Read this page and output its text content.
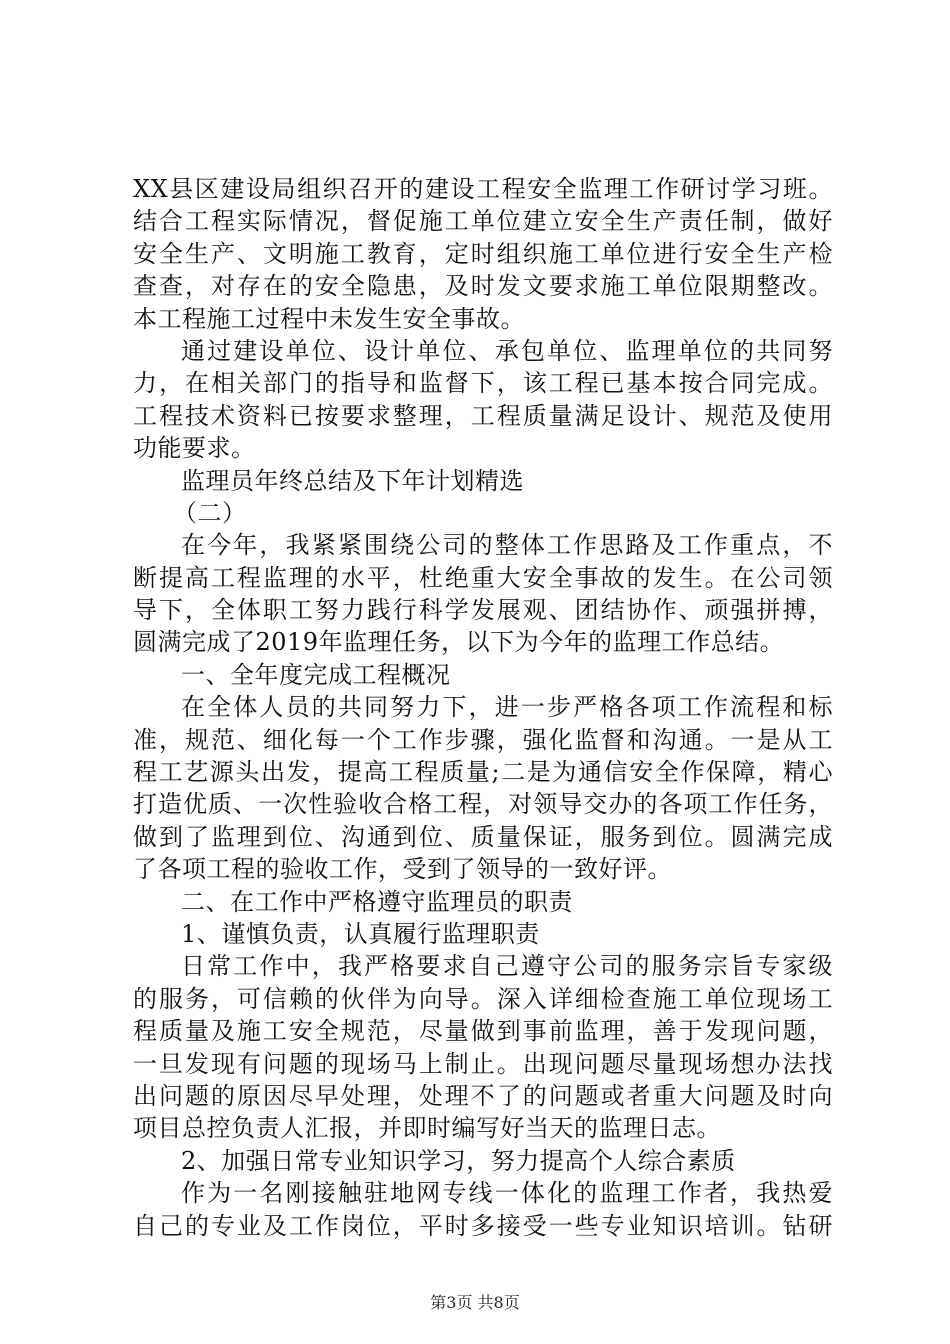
XX县区建设局组织召开的建设工程安全监理工作研讨学习班。
结合工程实际情况，督促施工单位建立安全生产责任制，做好
安全生产、文明施工教育，定时组织施工单位进行安全生产检
查查，对存在的安全隐患，及时发文要求施工单位限期整改。
本工程施工过程中未发生安全事故。
通过建设单位、设计单位、承包单位、监理单位的共同努
力，在相关部门的指导和监督下，该工程已基本按合同完成。
工程技术资料已按要求整理，工程质量满足设计、规范及使用
功能要求。
监理员年终总结及下年计划精选
（二）
在今年，我紧紧围绕公司的整体工作思路及工作重点，不
断提高工程监理的水平，杜绝重大安全事故的发生。在公司领
导下，全体职工努力践行科学发展观、团结协作、顽强拼搏，
圆满完成了2019年监理任务，以下为今年的监理工作总结。
一、全年度完成工程概况
在全体人员的共同努力下，进一步严格各项工作流程和标
准，规范、细化每一个工作步骤，强化监督和沟通。一是从工
程工艺源头出发，提高工程质量;二是为通信安全作保障，精心
打造优质、一次性验收合格工程，对领导交办的各项工作任务，
做到了监理到位、沟通到位、质量保证，服务到位。圆满完成
了各项工程的验收工作，受到了领导的一致好评。
二、在工作中严格遵守监理员的职责
1、谨慎负责，认真履行监理职责
日常工作中，我严格要求自己遵守公司的服务宗旨专家级
的服务，可信赖的伙伴为向导。深入详细检查施工单位现场工
程质量及施工安全规范，尽量做到事前监理，善于发现问题，
一旦发现有问题的现场马上制止。出现问题尽量现场想办法找
出问题的原因尽早处理，处理不了的问题或者重大问题及时向
项目总控负责人汇报，并即时编写好当天的监理日志。
2、加强日常专业知识学习，努力提高个人综合素质
作为一名刚接触驻地网专线一体化的监理工作者，我热爱
自己的专业及工作岗位，平时多接受一些专业知识培训。钻研
第3页 共8页
